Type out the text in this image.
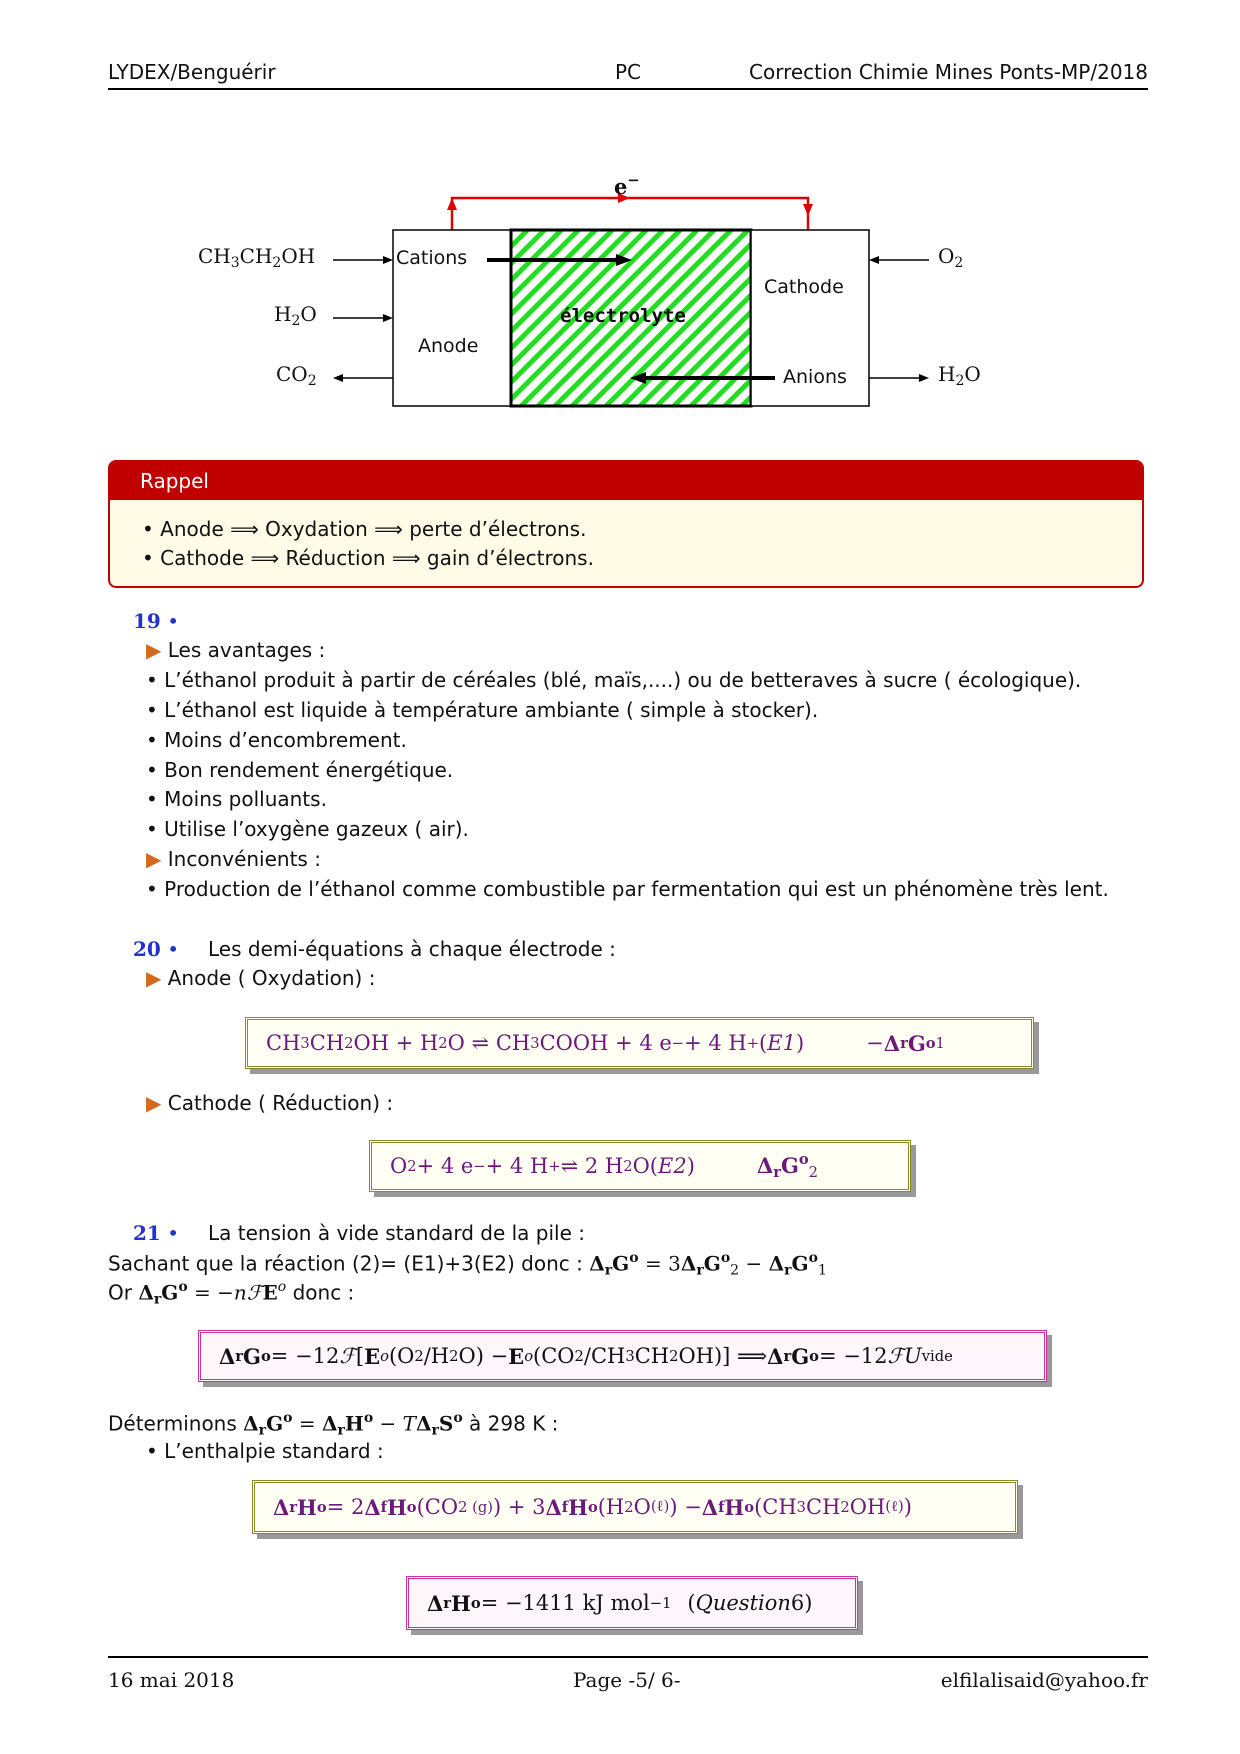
LYDEX/Benguérir	PC	Correction Chimie Mines Ponts-MP/2018
e−
$CH_3CH_2OH$
$H_2O$
$CO_2$
$O_2$
$H_2O$
Cations
Anode
électrolyte
Cathode
Anions
Rappel
• Anode ⟹ Oxydation ⟹ perte d’électrons.
• Cathode ⟹ Réduction ⟹ gain d’électrons.
19 •
▶ Les avantages :
• L’éthanol produit à partir de céréales (blé, maïs,....) ou de betteraves à sucre ( écologique).
• L’éthanol est liquide à température ambiante ( simple à stocker).
• Moins d’encombrement.
• Bon rendement énergétique.
• Moins polluants.
• Utilise l’oxygène gazeux ( air).
▶ Inconvénients :
• Production de l’éthanol comme combustible par fermentation qui est un phénomène très lent.
20 • Les demi-équations à chaque électrode :
▶ Anode ( Oxydation) :
CH 3 CH 2 OH + H 2 O ⇌ CH 3 COOH + 4 e − + 4 H + ( E1 )	− Δ r G o 1
▶ Cathode ( Réduction) :
O 2 + 4 e − + 4 H + ⇌ 2 H 2 O( E2 )	$\Delta_rG^o_2$
21 • La tension à vide standard de la pile :
Sachant que la réaction (2)= (E1)+3(E2) donc : $\Delta_rG^o = 3\Delta_rG^o_2 - \Delta_rG^o_1$
Or $\Delta_rG^o$ = −nℱE$^o$ donc :
Δ r G o = −12 ℱ [ E o (O 2 /H 2 O) − E o (CO 2 /CH 3 CH 2 OH)] ⟹ Δ r G o = −12 ℱ U vide
Déterminons $\Delta_rG^o = \Delta_rH^o - T\Delta_rS^o$ à 298 K :
• L’enthalpie standard :
Δ r H o = 2 Δ f H o (CO 2 (g) ) + 3 Δ f H o (H 2 O (ℓ) ) − Δ f H o (CH 3 CH 2 OH (ℓ) )
Δ r H o = −1411 kJ mol −1 ( Question 6)
16 mai 2018	Page -5/ 6-	elfilalisaid@yahoo.fr
